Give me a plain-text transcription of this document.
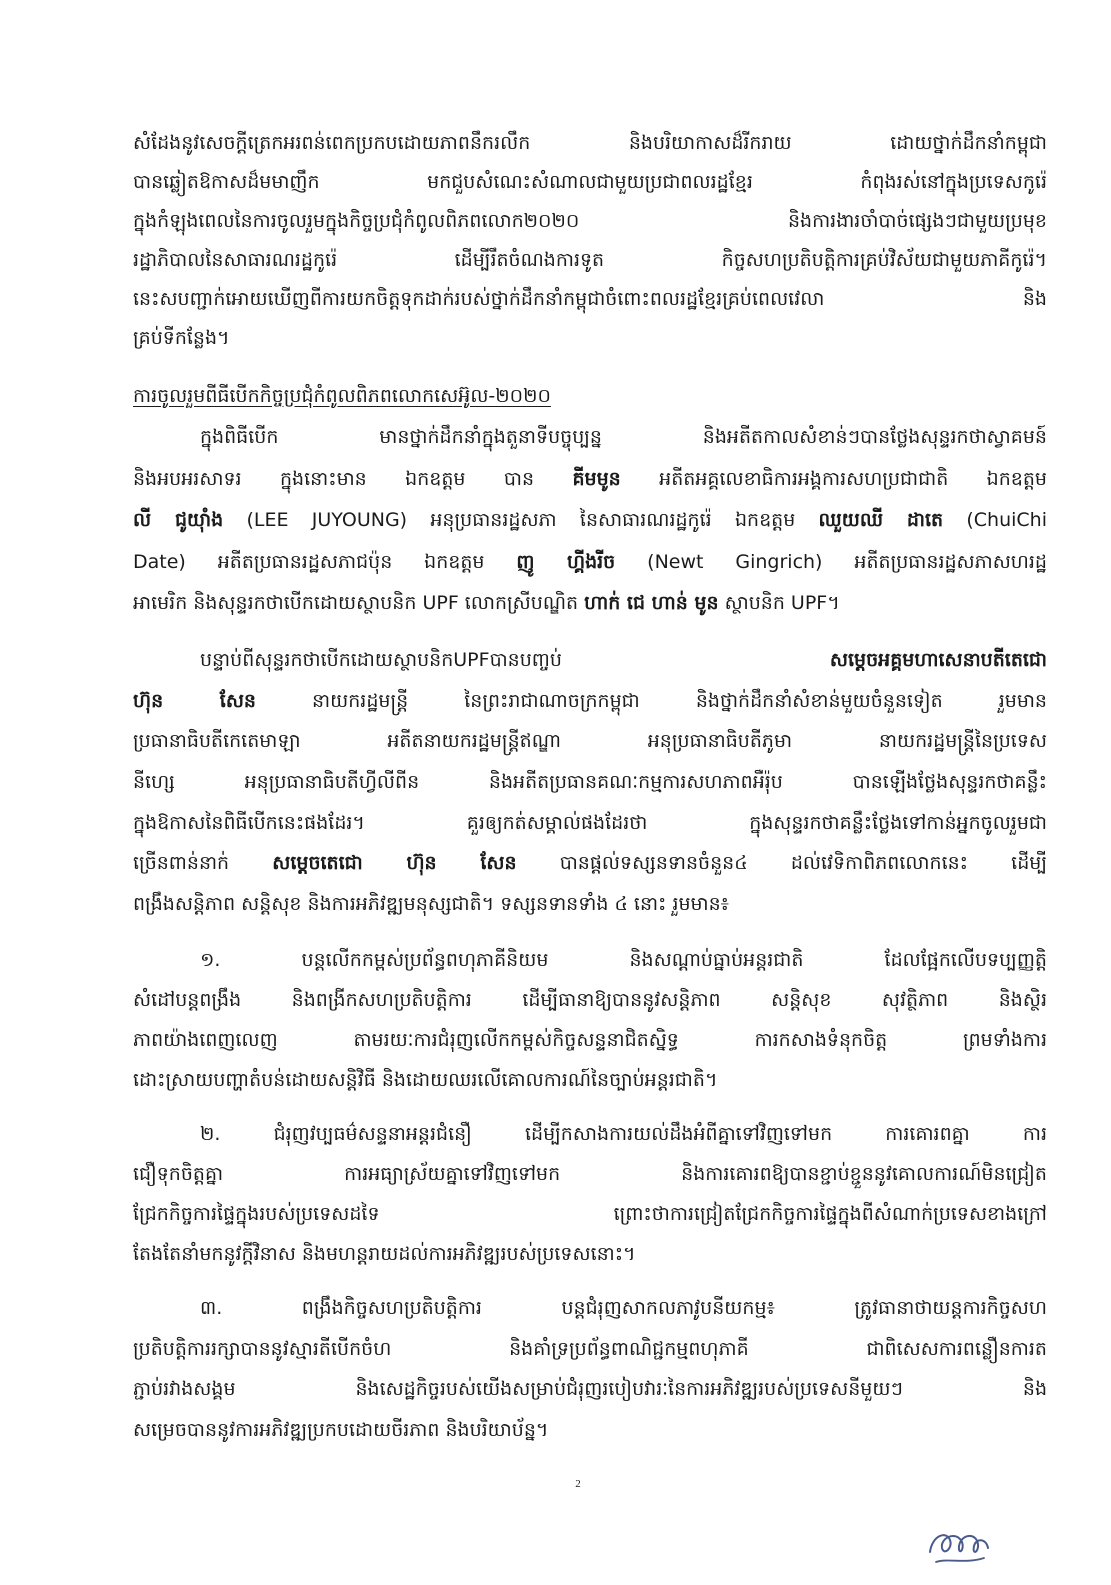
សំដែងនូវសេចក្តីត្រេកអរពន់ពេកប្រកបដោយភាពនឹករលឹក និងបរិយាកាសដ៏រីករាយ ដោយថ្នាក់ដឹកនាំកម្ពុជា
បានឆ្លៀតឱកាសដ៏មមាញឹក មកជួបសំណេះសំណាលជាមួយប្រជាពលរដ្ឋខ្មែរ កំពុងរស់នៅក្នុងប្រទេសកូរ៉េ
ក្នុងកំឡុងពេលនៃការចូលរួមក្នុងកិច្ចប្រជុំកំពូលពិភពលោក២០២០ និងការងារចាំបាច់ផ្សេងៗជាមួយប្រមុខ
រដ្ឋាភិបាលនៃសាធារណរដ្ឋកូរ៉េ ដើម្បីរឹតចំណងការទូត កិច្ចសហប្រតិបត្តិការគ្រប់វិស័យជាមួយភាគីកូរ៉េ។
នេះសបញ្ជាក់អោយឃើញពីការយកចិត្តទុកដាក់របស់ថ្នាក់ដឹកនាំកម្ពុជាចំពោះពលរដ្ឋខ្មែរគ្រប់ពេលវេលា និង
គ្រប់ទីកន្លែង។
ការចូលរួមពីធីបើកកិច្ចប្រជុំកំពូលពិភពលោកសេអ៊ូល-២០២០
ក្នុងពិធីបើក មានថ្នាក់ដឹកនាំក្នុងតួនាទីបច្ចុប្បន្ន និងអតីតកាលសំខាន់ៗបានថ្លែងសុន្ទរកថាស្វាគមន៍
និងអបអរសាទរ ក្នុងនោះមាន ឯកឧត្តម បាន គីមមូន អតីតអគ្គលេខាធិការអង្គការសហប្រជាជាតិ ឯកឧត្តម
លី ជូយ៉ាំង (LEE JUYOUNG) អនុប្រធានរដ្ឋសភា នៃសាធារណរដ្ឋកូរ៉េ ឯកឧត្តម ឈួយឈី ដាតេ (ChuiChi
Date) អតីតប្រធានរដ្ឋសភាជប៉ុន ឯកឧត្តម ញូ ហ្គីងរីច (Newt Gingrich) អតីតប្រធានរដ្ឋសភាសហរដ្ឋ
អាមេរិក និងសុន្ទរកថាបើកដោយស្ថាបនិក UPF លោកស្រីបណ្ឌិត ហាក់ ជេ ហាន់ មូន ស្ថាបនិក UPF។
បន្ទាប់ពីសុន្ទរកថាបើកដោយស្ថាបនិកUPFបានបញ្ចប់ សម្តេចអគ្គមហាសេនាបតីតេជោ
ហ៊ុន សែន នាយករដ្ឋមន្ត្រី នៃព្រះរាជាណាចក្រកម្ពុជា និងថ្នាក់ដឹកនាំសំខាន់មួយចំនួនទៀត រួមមាន
ប្រធានាធិបតីកេតេមាឡា អតីតនាយករដ្ឋមន្ត្រីឥណ្ឌា អនុប្រធានាធិបតីភូមា នាយករដ្ឋមន្ត្រីនៃប្រទេស
នីហ្សេ អនុប្រធានាធិបតីហ្វីលីពីន និងអតីតប្រធានគណៈកម្មការសហភាពអឺរ៉ុប បានឡើងថ្លែងសុន្ទរកថាគន្លឹះ
ក្នុងឱកាសនៃពិធីបើកនេះផងដែរ។ គួរឲ្យកត់សម្គាល់ផងដែរថា ក្នុងសុន្ទរកថាគន្លឹះថ្លែងទៅកាន់អ្នកចូលរួមជា
ច្រើនពាន់នាក់ សម្តេចតេជោ ហ៊ុន សែន បានផ្តល់ទស្សនទានចំនួន៤ ដល់វេទិកាពិភពលោកនេះ ដើម្បី
ពង្រឹងសន្តិភាព សន្តិសុខ និងការអភិវឌ្ឍមនុស្សជាតិ។ ទស្សនទានទាំង ៤ នោះ រួមមាន៖
១. បន្តលើកកម្ពស់ប្រព័ន្ធពហុភាគីនិយម និងសណ្តាប់ធ្នាប់អន្តរជាតិ ដែលផ្អែកលើបទប្បញ្ញត្តិ
សំដៅបន្តពង្រឹង និងពង្រីកសហប្រតិបត្តិការ ដើម្បីធានាឱ្យបាននូវសន្តិភាព សន្តិសុខ សុវត្ថិភាព និងស្ថិរ
ភាពយ៉ាងពេញលេញ តាមរយៈការជំរុញលើកកម្ពស់កិច្ចសន្ទនាជិតស្និទ្ធ ការកសាងទំនុកចិត្ត ព្រមទាំងការ
ដោះស្រាយបញ្ហាតំបន់ដោយសន្តិវិធី និងដោយឈរលើគោលការណ៍នៃច្បាប់អន្តរជាតិ។
២. ជំរុញវប្បធម៌សន្ទនាអន្តរជំនឿ ដើម្បីកសាងការយល់ដឹងអំពីគ្នាទៅវិញទៅមក ការគោរពគ្នា ការ
ជឿទុកចិត្តគ្នា ការអធ្យាស្រ័យគ្នាទៅវិញទៅមក និងការគោរពឱ្យបានខ្ជាប់ខ្ជួននូវគោលការណ៍មិនជ្រៀត
ជ្រែកកិច្ចការផ្ទៃក្នុងរបស់ប្រទេសដទៃ ព្រោះថាការជ្រៀតជ្រែកកិច្ចការផ្ទៃក្នុងពីសំណាក់ប្រទេសខាងក្រៅ
តែងតែនាំមកនូវក្តីវិនាស និងមហន្តរាយដល់ការអភិវឌ្ឍរបស់ប្រទេសនោះ។
៣. ពង្រឹងកិច្ចសហប្រតិបត្តិការ បន្តជំរុញសាកលភាវូបនីយកម្ម៖ ត្រូវធានាថាយន្តការកិច្ចសហ
ប្រតិបត្តិការរក្សាបាននូវស្មារតីបើកចំហ និងគាំទ្រប្រព័ន្ធពាណិជ្ជកម្មពហុភាគី ជាពិសេសការពន្លឿនការត
ភ្ជាប់រវាងសង្គម និងសេដ្ឋកិច្ចរបស់យើងសម្រាប់ជំរុញរបៀបវារៈនៃការអភិវឌ្ឍរបស់ប្រទេសនីមួយៗ និង
សម្រេចបាននូវការអភិវឌ្ឍប្រកបដោយចីរភាព និងបរិយាប័ន្ន។
2
